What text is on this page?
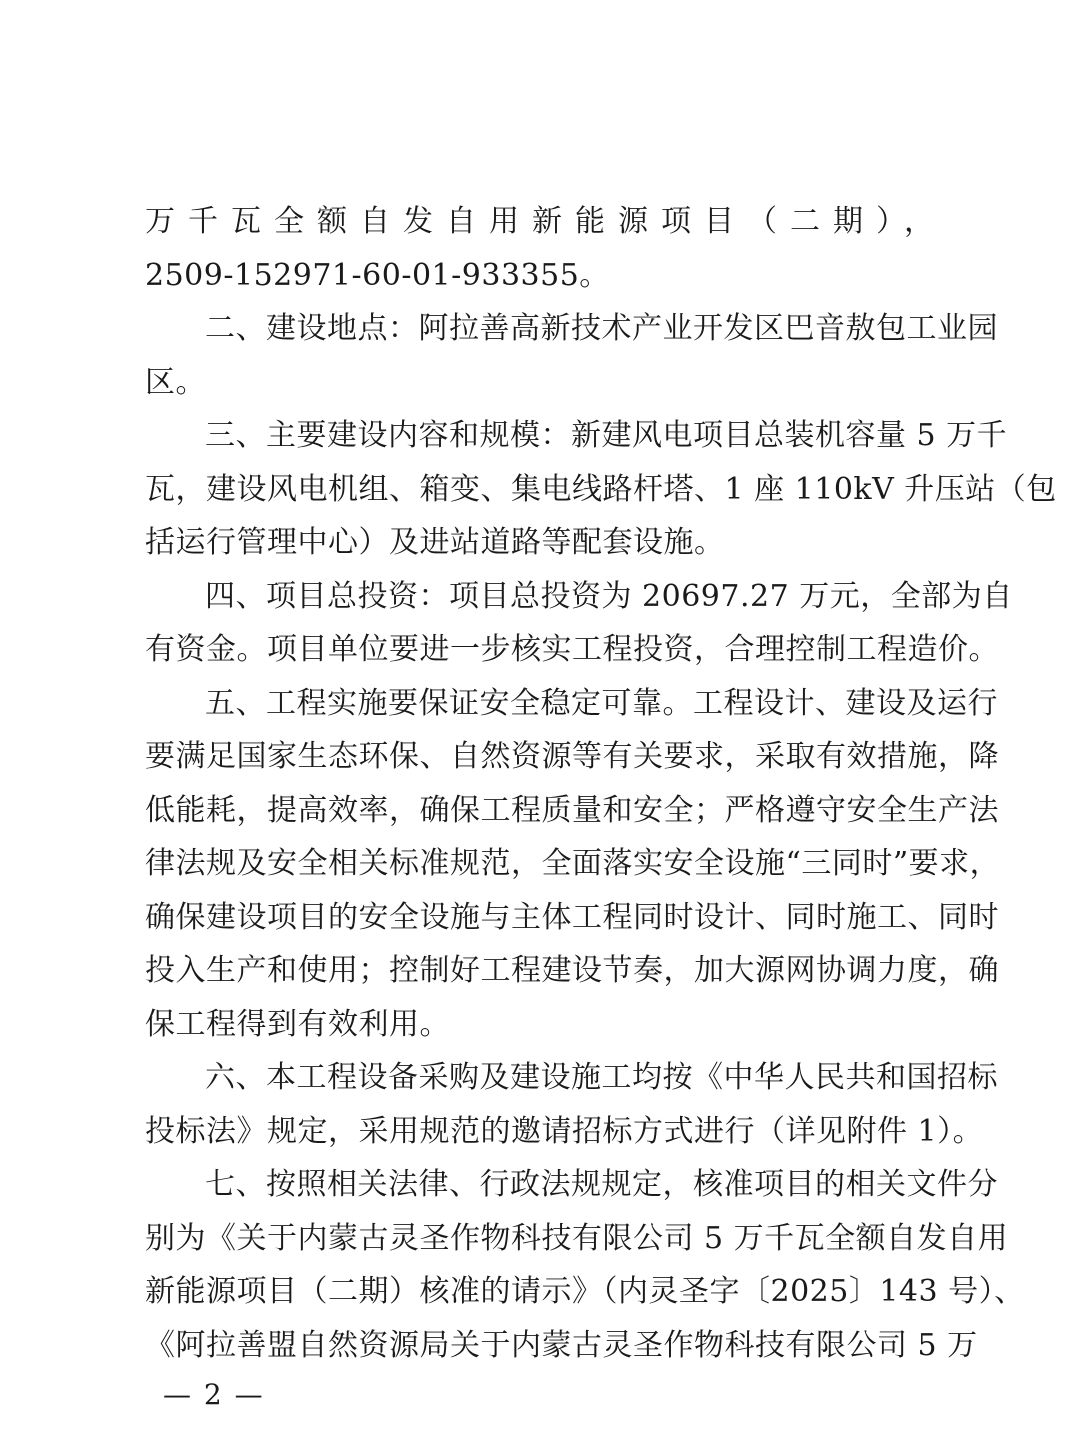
万千瓦全额自发自用新能源项目（二期），
2509-152971-60-01-933355。
二、建设地点：阿拉善高新技术产业开发区巴音敖包工业园
区。
三、主要建设内容和规模：新建风电项目总装机容量 5 万千
瓦，建设风电机组、箱变、集电线路杆塔、1 座 110kV 升压站（包
括运行管理中心）及进站道路等配套设施。
四、项目总投资：项目总投资为 20697.27 万元，全部为自
有资金。项目单位要进一步核实工程投资，合理控制工程造价。
五、工程实施要保证安全稳定可靠。工程设计、建设及运行
要满足国家生态环保、自然资源等有关要求，采取有效措施，降
低能耗，提高效率，确保工程质量和安全；严格遵守安全生产法
律法规及安全相关标准规范，全面落实安全设施“三同时”要求，
确保建设项目的安全设施与主体工程同时设计、同时施工、同时
投入生产和使用；控制好工程建设节奏，加大源网协调力度，确
保工程得到有效利用。
六、本工程设备采购及建设施工均按《中华人民共和国招标
投标法》规定，采用规范的邀请招标方式进行（详见附件 1）。
七、按照相关法律、行政法规规定，核准项目的相关文件分
别为《关于内蒙古灵圣作物科技有限公司 5 万千瓦全额自发自用
新能源项目（二期）核准的请示》（内灵圣字〔2025〕143 号）、
《阿拉善盟自然资源局关于内蒙古灵圣作物科技有限公司 5 万
— 2 —
